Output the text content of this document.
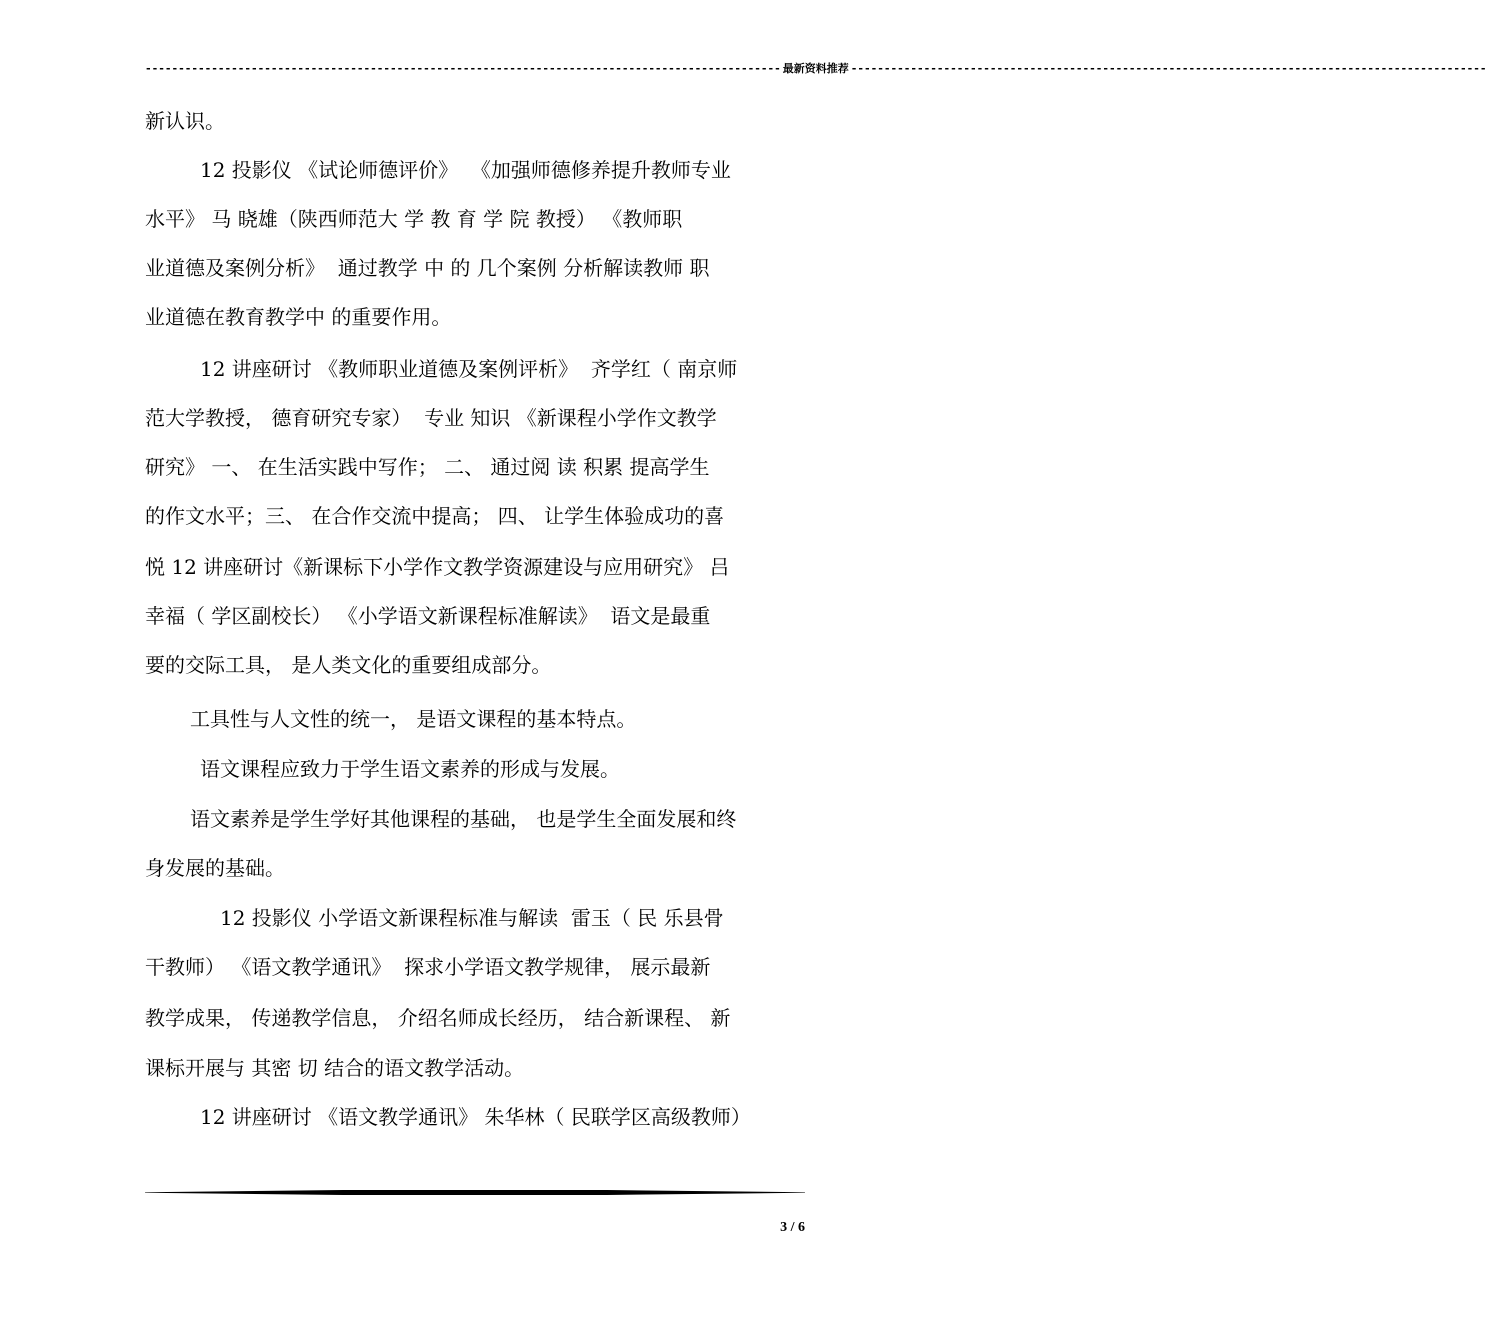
------------------------------------------------------------------------------------------------ 最新资料推荐 ------------------------------------------------------------------------------------------------
新认识。
12 投影仪 《试论师德评价》  《加强师德修养提升教师专业
水平》 马 晓雄（陕西师范大 学 教 育 学 院 教授） 《教师职
业道德及案例分析》  通过教学 中 的 几个案例 分析解读教师 职
业道德在教育教学中 的重要作用。
12 讲座研讨 《教师职业道德及案例评析》  齐学红（ 南京师
范大学教授， 德育研究专家）  专业 知识 《新课程小学作文教学
研究》 一、 在生活实践中写作； 二、 通过阅 读 积累 提高学生
的作文水平；三、 在合作交流中提高； 四、 让学生体验成功的喜
悦 12 讲座研讨《新课标下小学作文教学资源建设与应用研究》 吕
幸福（ 学区副校长） 《小学语文新课程标准解读》  语文是最重
要的交际工具， 是人类文化的重要组成部分。
工具性与人文性的统一， 是语文课程的基本特点。
语文课程应致力于学生语文素养的形成与发展。
语文素养是学生学好其他课程的基础， 也是学生全面发展和终
身发展的基础。
12 投影仪 小学语文新课程标准与解读  雷玉（ 民 乐县骨
干教师） 《语文教学通讯》  探求小学语文教学规律， 展示最新
教学成果， 传递教学信息， 介绍名师成长经历， 结合新课程、 新
课标开展与 其密 切 结合的语文教学活动。
12 讲座研讨 《语文教学通讯》 朱华林（ 民联学区高级教师）
3 / 6
